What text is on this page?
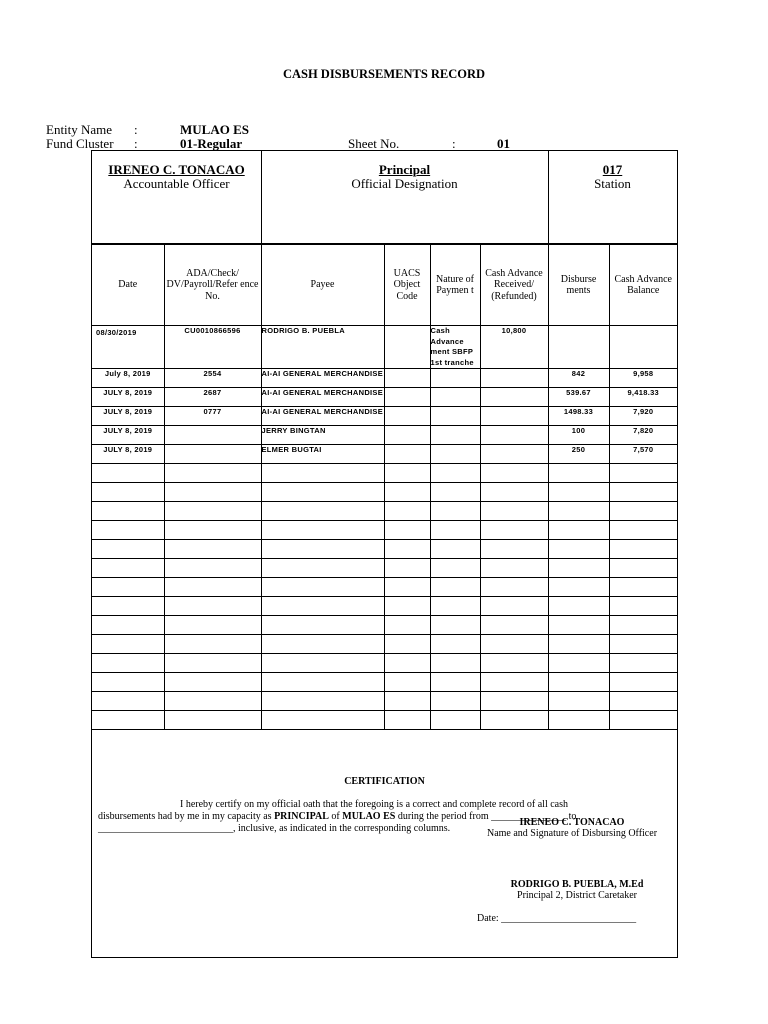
CASH DISBURSEMENTS RECORD
Entity Name :	MULAO ES
Fund Cluster :	01-Regular	Sheet No.	:	01
IRENEO C. TONACAO
Accountable Officer
Principal
Official Designation
017
Station
Date	ADA/Check/ DV/Payroll/Refer ence No.	Payee	UACS Object Code	Nature of Paymen t	Cash Advance Received/ (Refunded)	Disburse ments	Cash Advance Balance
08/30/2019	CU0010866596	RODRIGO B. PUEBLA		Cash Advance ment SBFP 1st tranche	10,800		
July 8, 2019	2554	AI-AI GENERAL MERCHANDISE				842	9,958
JULY 8, 2019	2687	AI-AI GENERAL MERCHANDISE				539.67	9,418.33
JULY 8, 2019	0777	AI-AI GENERAL MERCHANDISE				1498.33	7,920
JULY 8, 2019		JERRY BINGTAN				100	7,820
JULY 8, 2019		ELMER BUGTAI				250	7,570

CERTIFICATION
I hereby certify on my official oath that the foregoing is a correct and complete record of all cash
disbursements had by me in my capacity as PRINCIPAL of MULAO ES during the period from _______________ to
___________________________, inclusive, as indicated in the corresponding columns.
IRENEO C. TONACAO
Name and Signature of Disbursing Officer
RODRIGO B. PUEBLA, M.Ed
Principal 2, District Caretaker
Date: ___________________________
